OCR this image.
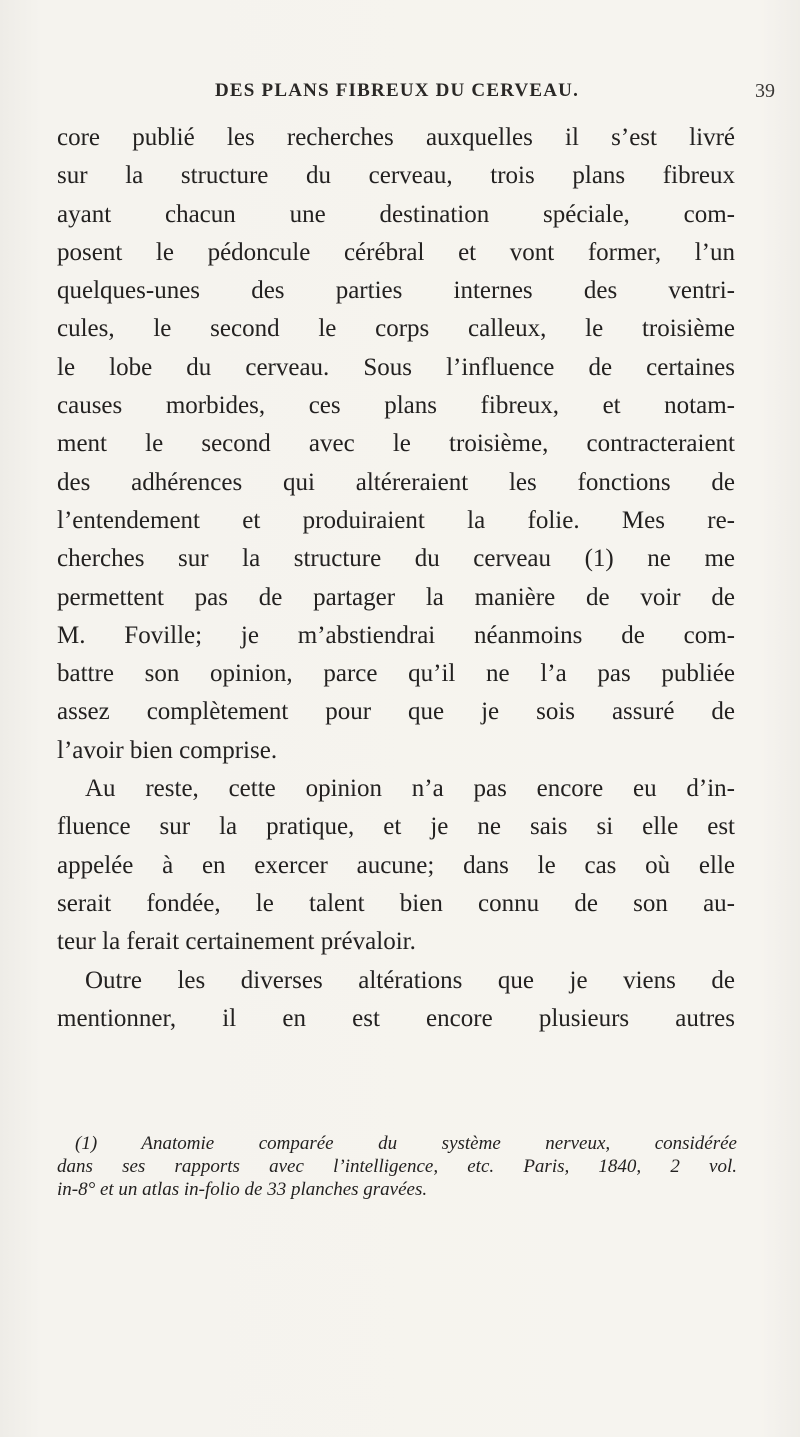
DES PLANS FIBREUX DU CERVEAU.	39
core publié les recherches auxquelles il s’est livré
sur la structure du cerveau, trois plans fibreux
ayant chacun une destination spéciale, com-
posent le pédoncule cérébral et vont former, l’un
quelques-unes des parties internes des ventri-
cules, le second le corps calleux, le troisième
le lobe du cerveau. Sous l’influence de certaines
causes morbides, ces plans fibreux, et notam-
ment le second avec le troisième, contracteraient
des adhérences qui altéreraient les fonctions de
l’entendement et produiraient la folie. Mes re-
cherches sur la structure du cerveau (1) ne me
permettent pas de partager la manière de voir de
M. Foville; je m’abstiendrai néanmoins de com-
battre son opinion, parce qu’il ne l’a pas publiée
assez complètement pour que je sois assuré de
l’avoir bien comprise.
Au reste, cette opinion n’a pas encore eu d’in-
fluence sur la pratique, et je ne sais si elle est
appelée à en exercer aucune; dans le cas où elle
serait fondée, le talent bien connu de son au-
teur la ferait certainement prévaloir.
Outre les diverses altérations que je viens de
mentionner, il en est encore plusieurs autres
(1) Anatomie comparée du système nerveux, considérée
dans ses rapports avec l’intelligence, etc. Paris, 1840, 2 vol.
in-8° et un atlas in-folio de 33 planches gravées.
